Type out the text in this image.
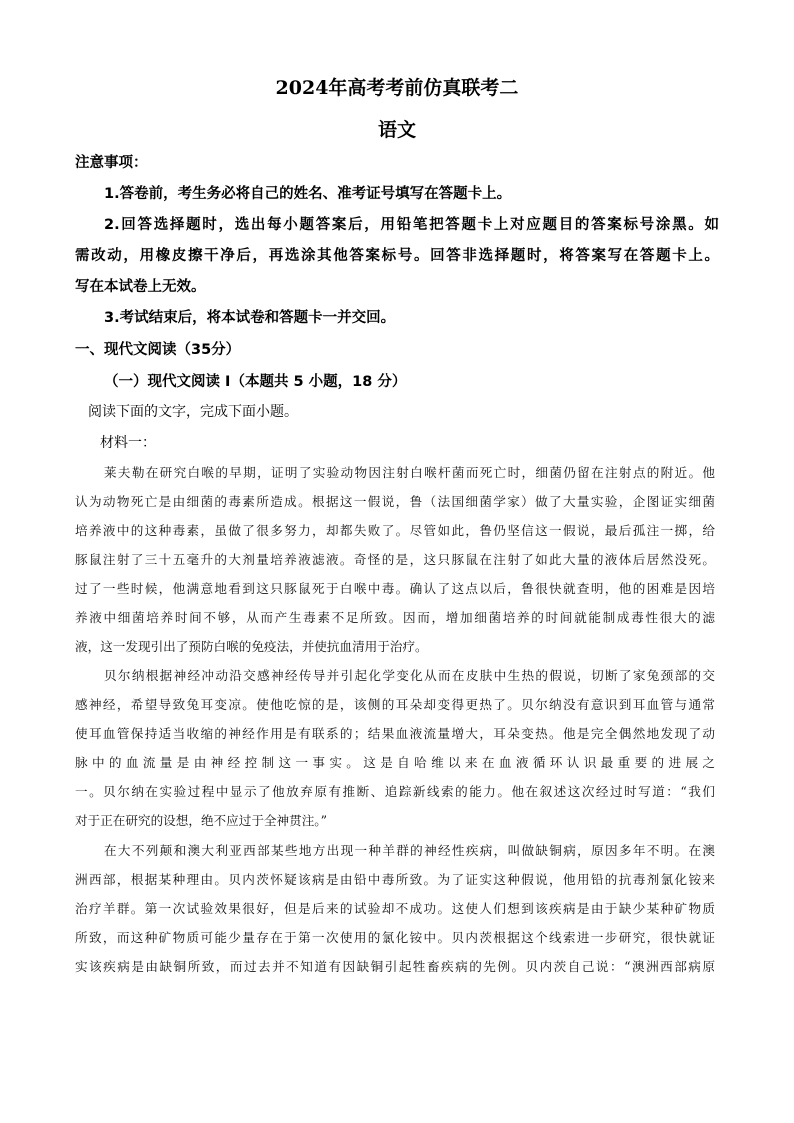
2024年高考考前仿真联考二
语文
注意事项：
1.答卷前，考生务必将自己的姓名、准考证号填写在答题卡上。
2.回答选择题时，选出每小题答案后，用铅笔把答题卡上对应题目的答案标号涂黑。如
需改动，用橡皮擦干净后，再选涂其他答案标号。回答非选择题时，将答案写在答题卡上。
写在本试卷上无效。
3.考试结束后，将本试卷和答题卡一并交回。
一、现代文阅读（35分）
（一）现代文阅读 I（本题共 5 小题，18 分）
阅读下面的文字，完成下面小题。
材料一：
莱夫勒在研究白喉的早期，证明了实验动物因注射白喉杆菌而死亡时，细菌仍留在注射点的附近。他
认为动物死亡是由细菌的毒素所造成。根据这一假说，鲁（法国细菌学家）做了大量实验，企图证实细菌
培养液中的这种毒素，虽做了很多努力，却都失败了。尽管如此，鲁仍坚信这一假说，最后孤注一掷，给
豚鼠注射了三十五毫升的大剂量培养液滤液。奇怪的是，这只豚鼠在注射了如此大量的液体后居然没死。
过了一些时候，他满意地看到这只豚鼠死于白喉中毒。确认了这点以后，鲁很快就查明，他的困难是因培
养液中细菌培养时间不够，从而产生毒素不足所致。因而，增加细菌培养的时间就能制成毒性很大的滤
液，这一发现引出了预防白喉的免疫法，并使抗血清用于治疗。
贝尔纳根据神经冲动沿交感神经传导并引起化学变化从而在皮肤中生热的假说，切断了家兔颈部的交
感神经，希望导致兔耳变凉。使他吃惊的是，该侧的耳朵却变得更热了。贝尔纳没有意识到耳血管与通常
使耳血管保持适当收缩的神经作用是有联系的；结果血液流量增大，耳朵变热。他是完全偶然地发现了动
脉中的血流量是由神经控制这一事实。这是自哈维以来在血液循环认识最重要的进展之
一。贝尔纳在实验过程中显示了他放弃原有推断、追踪新线索的能力。他在叙述这次经过时写道：“我们
对于正在研究的设想，绝不应过于全神贯注。”
在大不列颠和澳大利亚西部某些地方出现一种羊群的神经性疾病，叫做缺铜病，原因多年不明。在澳
洲西部，根据某种理由。贝内茨怀疑该病是由铅中毒所致。为了证实这种假说，他用铅的抗毒剂氯化铵来
治疗羊群。第一次试验效果很好，但是后来的试验却不成功。这使人们想到该疾病是由于缺少某种矿物质
所致，而这种矿物质可能少量存在于第一次使用的氯化铵中。贝内茨根据这个线索进一步研究，很快就证
实该疾病是由缺铜所致，而过去并不知道有因缺铜引起牲畜疾病的先例。贝内茨自己说：“澳洲西部病原
